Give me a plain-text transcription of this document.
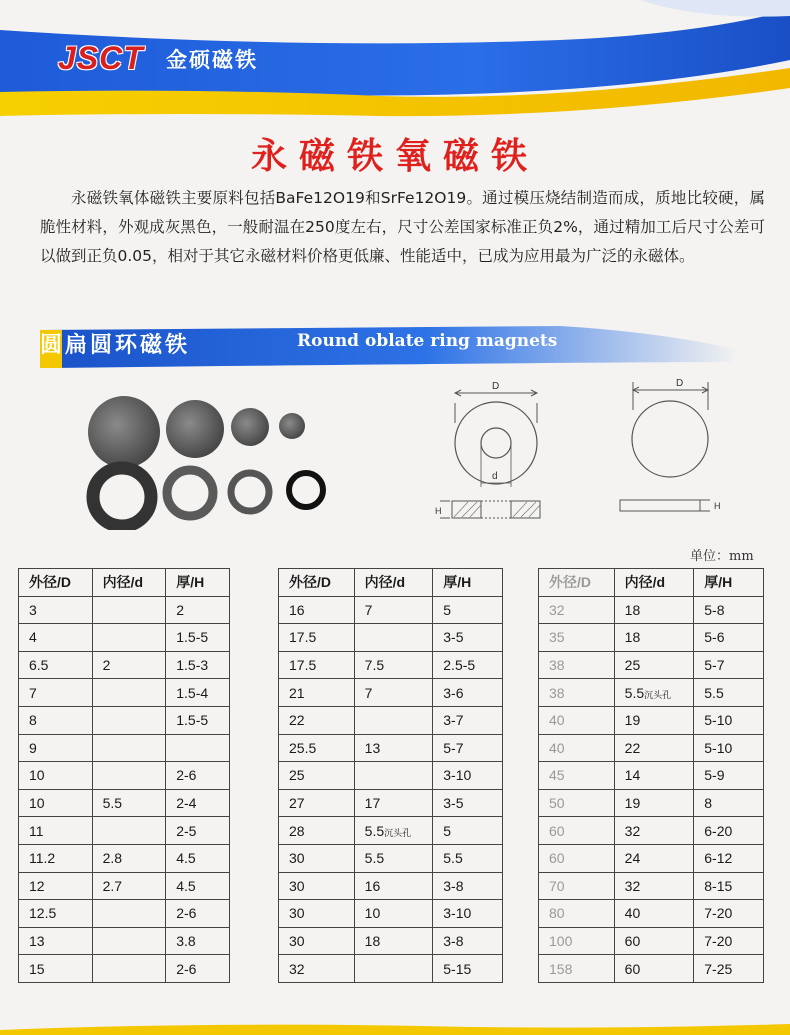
JSCT 金硕磁铁
永磁铁氧磁铁
永磁铁氧体磁铁主要原料包括BaFe12O19和SrFe12O19。通过模压烧结制造而成，质地比较硬，属脆性材料，外观成灰黑色，一般耐温在250度左右，尺寸公差国家标准正负2%，通过精加工后尺寸公差可以做到正负0.05，相对于其它永磁材料价格更低廉、性能适中，已成为应用最为广泛的永磁体。
圆扁圆环磁铁	Round oblate ring magnets
D
d
H
D
H
单位：mm
外径/D	内径/d	厚/H
3		2
4		1.5-5
6.5	2	1.5-3
7		1.5-4
8		1.5-5
9		
10		2-6
10	5.5	2-4
11		2-5
11.2	2.8	4.5
12	2.7	4.5
12.5		2-6
13		3.8
15		2-6
外径/D	内径/d	厚/H
16	7	5
17.5		3-5
17.5	7.5	2.5-5
21	7	3-6
22		3-7
25.5	13	5-7
25		3-10
27	17	3-5
28	5.5沉头孔	5
30	5.5	5.5
30	16	3-8
30	10	3-10
30	18	3-8
32		5-15
外径/D	内径/d	厚/H
32	18	5-8
35	18	5-6
38	25	5-7
38	5.5沉头孔	5.5
40	19	5-10
40	22	5-10
45	14	5-9
50	19	8
60	32	6-20
60	24	6-12
70	32	8-15
80	40	7-20
100	60	7-20
158	60	7-25
